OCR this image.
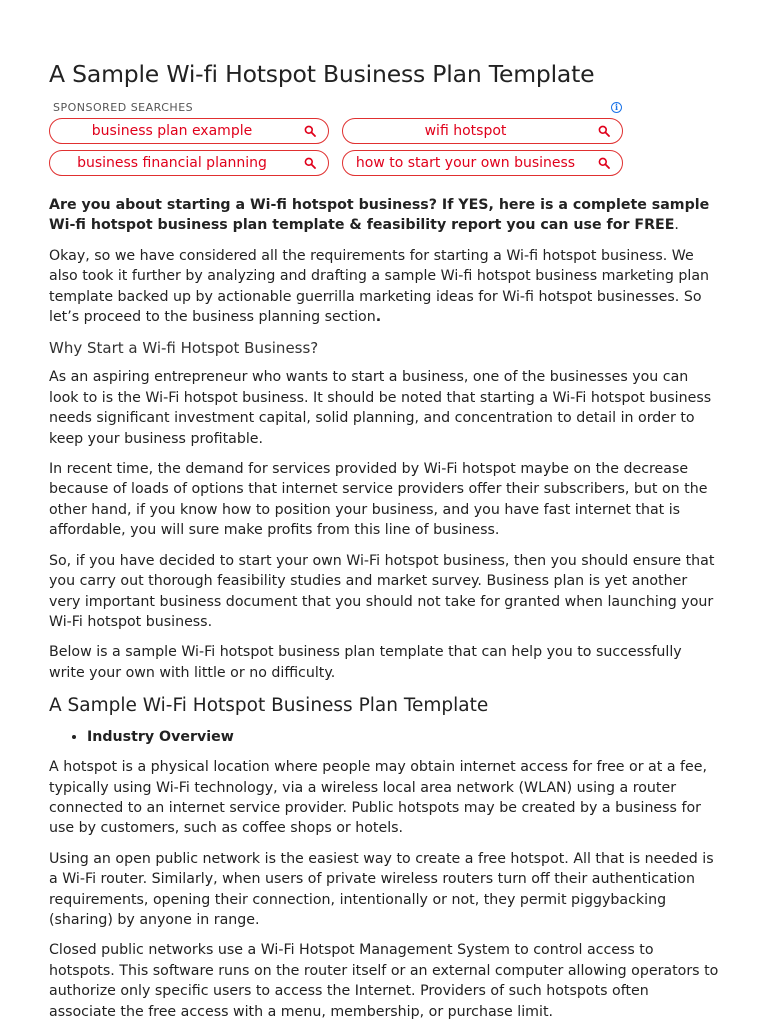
A Sample Wi-fi Hotspot Business Plan Template
SPONSORED SEARCHES	i
business plan example	wifi hotspot
business financial planning	how to start your own business

Are you about starting a Wi-fi hotspot business? If YES, here is a complete sample Wi-fi hotspot business plan template & feasibility report you can use for FREE.

Okay, so we have considered all the requirements for starting a Wi-fi hotspot business. We also took it further by analyzing and drafting a sample Wi-fi hotspot business marketing plan template backed up by actionable guerrilla marketing ideas for Wi-fi hotspot businesses. So let’s proceed to the business planning section.

Why Start a Wi-fi Hotspot Business?

As an aspiring entrepreneur who wants to start a business, one of the businesses you can look to is the Wi-Fi hotspot business. It should be noted that starting a Wi-Fi hotspot business needs significant investment capital, solid planning, and concentration to detail in order to keep your business profitable.

In recent time, the demand for services provided by Wi-Fi hotspot maybe on the decrease because of loads of options that internet service providers offer their subscribers, but on the other hand, if you know how to position your business, and you have fast internet that is affordable, you will sure make profits from this line of business.

So, if you have decided to start your own Wi-Fi hotspot business, then you should ensure that you carry out thorough feasibility studies and market survey. Business plan is yet another very important business document that you should not take for granted when launching your Wi-Fi hotspot business.

Below is a sample Wi-Fi hotspot business plan template that can help you to successfully write your own with little or no difficulty.

A Sample Wi-Fi Hotspot Business Plan Template
• Industry Overview

A hotspot is a physical location where people may obtain internet access for free or at a fee, typically using Wi-Fi technology, via a wireless local area network (WLAN) using a router connected to an internet service provider. Public hotspots may be created by a business for use by customers, such as coffee shops or hotels.

Using an open public network is the easiest way to create a free hotspot. All that is needed is a Wi-Fi router. Similarly, when users of private wireless routers turn off their authentication requirements, opening their connection, intentionally or not, they permit piggybacking (sharing) by anyone in range.

Closed public networks use a Wi-Fi Hotspot Management System to control access to hotspots. This software runs on the router itself or an external computer allowing operators to authorize only specific users to access the Internet. Providers of such hotspots often associate the free access with a menu, membership, or purchase limit.
